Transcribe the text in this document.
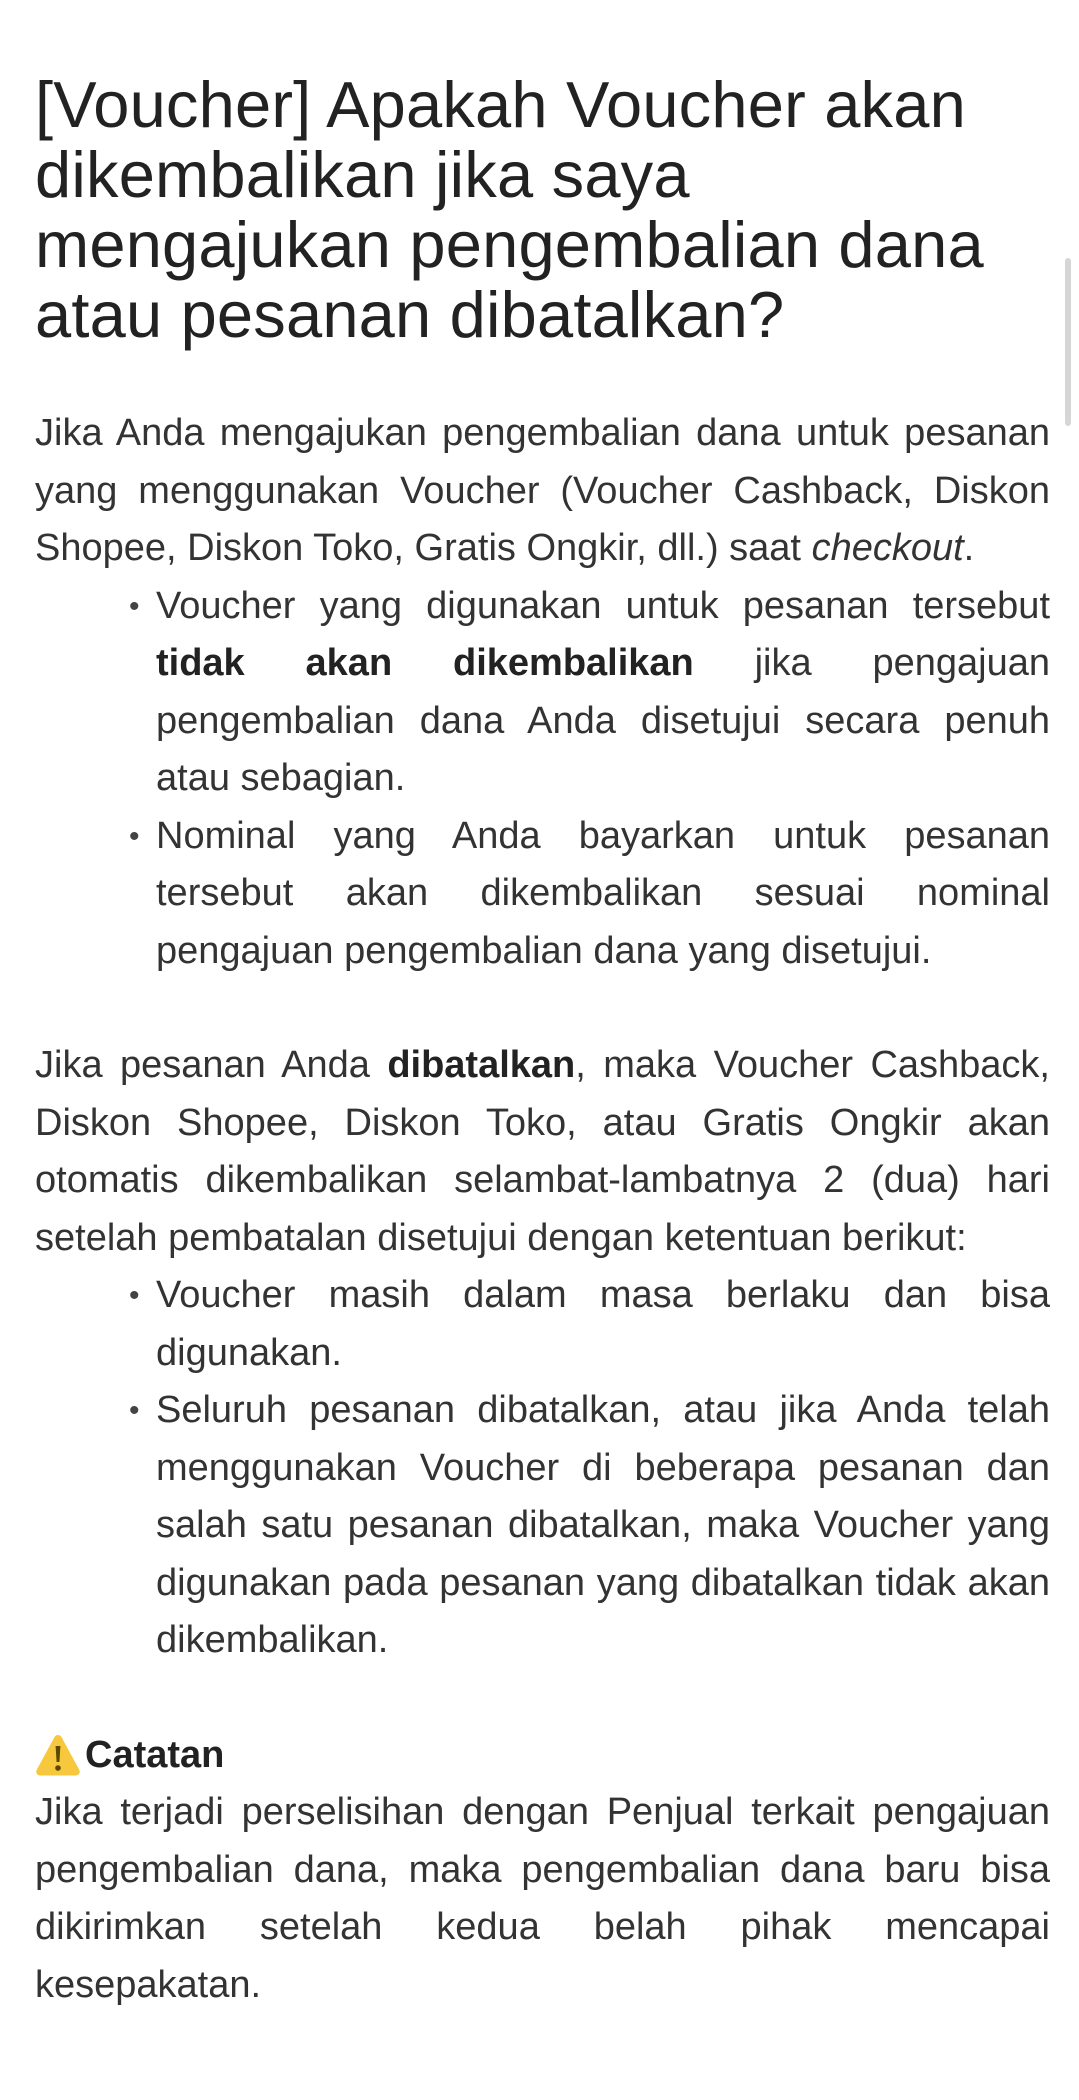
[Voucher] Apakah Voucher akan dikembalikan jika saya mengajukan pengembalian dana atau pesanan dibatalkan?

Jika Anda mengajukan pengembalian dana untuk pesanan yang menggunakan Voucher (Voucher Cashback, Diskon Shopee, Diskon Toko, Gratis Ongkir, dll.) saat checkout.

• Voucher yang digunakan untuk pesanan tersebut tidak akan dikembalikan jika pengajuan pengembalian dana Anda disetujui secara penuh atau sebagian.
• Nominal yang Anda bayarkan untuk pesanan tersebut akan dikembalikan sesuai nominal pengajuan pengembalian dana yang disetujui.

Jika pesanan Anda dibatalkan, maka Voucher Cashback, Diskon Shopee, Diskon Toko, atau Gratis Ongkir akan otomatis dikembalikan selambat-lambatnya 2 (dua) hari setelah pembatalan disetujui dengan ketentuan berikut:

• Voucher masih dalam masa berlaku dan bisa digunakan.
• Seluruh pesanan dibatalkan, atau jika Anda telah menggunakan Voucher di beberapa pesanan dan salah satu pesanan dibatalkan, maka Voucher yang digunakan pada pesanan yang dibatalkan tidak akan dikembalikan.
Catatan

Jika terjadi perselisihan dengan Penjual terkait pengajuan pengembalian dana, maka pengembalian dana baru bisa dikirimkan setelah kedua belah pihak mencapai kesepakatan.
